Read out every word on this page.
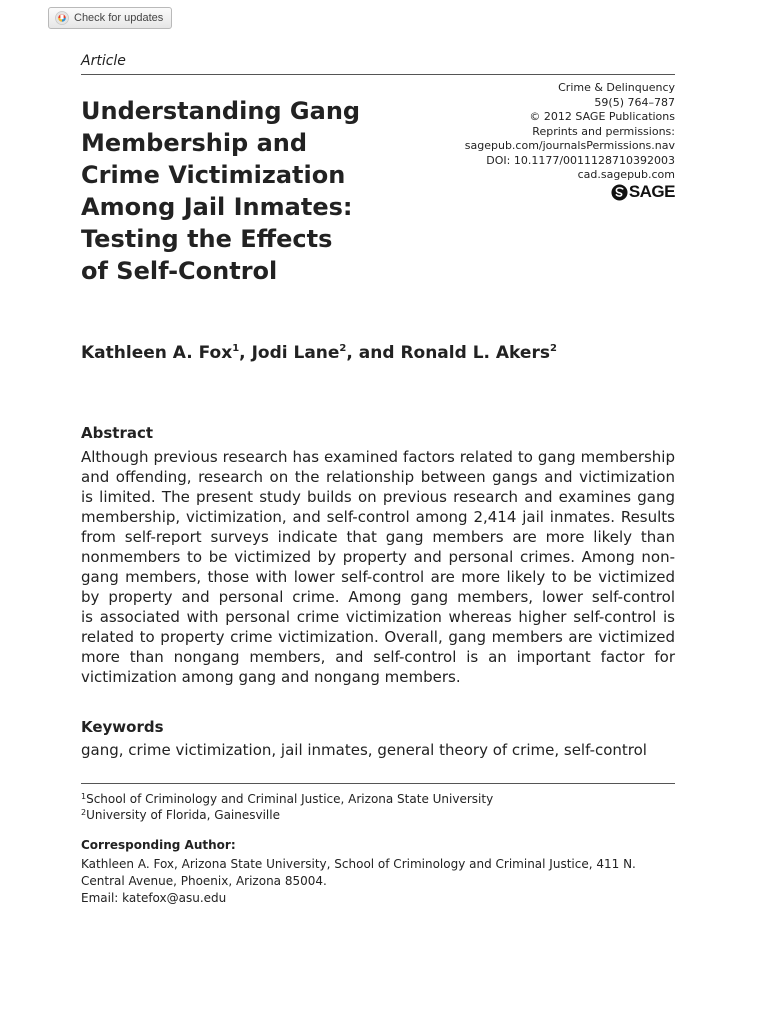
Check for updates
Article
Understanding Gang
Membership and
Crime Victimization
Among Jail Inmates:
Testing the Effects
of Self-Control
Crime & Delinquency
59(5) 764–787
© 2012 SAGE Publications
Reprints and permissions:
sagepub.com/journalsPermissions.nav
DOI: 10.1177/0011128710392003
cad.sagepub.com
SAGE
Kathleen A. Fox$^1$, Jodi Lane$^2$, and Ronald L. Akers$^2$
Abstract
Although previous research has examined factors related to gang membership
and offending, research on the relationship between gangs and victimization
is limited. The present study builds on previous research and examines gang
membership, victimization, and self-control among 2,414 jail inmates. Results
from self-report surveys indicate that gang members are more likely than
nonmembers to be victimized by property and personal crimes. Among non-
gang members, those with lower self-control are more likely to be victimized
by property and personal crime. Among gang members, lower self-control
is associated with personal crime victimization whereas higher self-control is
related to property crime victimization. Overall, gang members are victimized
more than nongang members, and self-control is an important factor for
victimization among gang and nongang members.
Keywords
gang, crime victimization, jail inmates, general theory of crime, self-control
$^1$School of Criminology and Criminal Justice, Arizona State University
$^2$University of Florida, Gainesville
Corresponding Author:
Kathleen A. Fox, Arizona State University, School of Criminology and Criminal Justice, 411 N.
Central Avenue, Phoenix, Arizona 85004.
Email: katefox@asu.edu
